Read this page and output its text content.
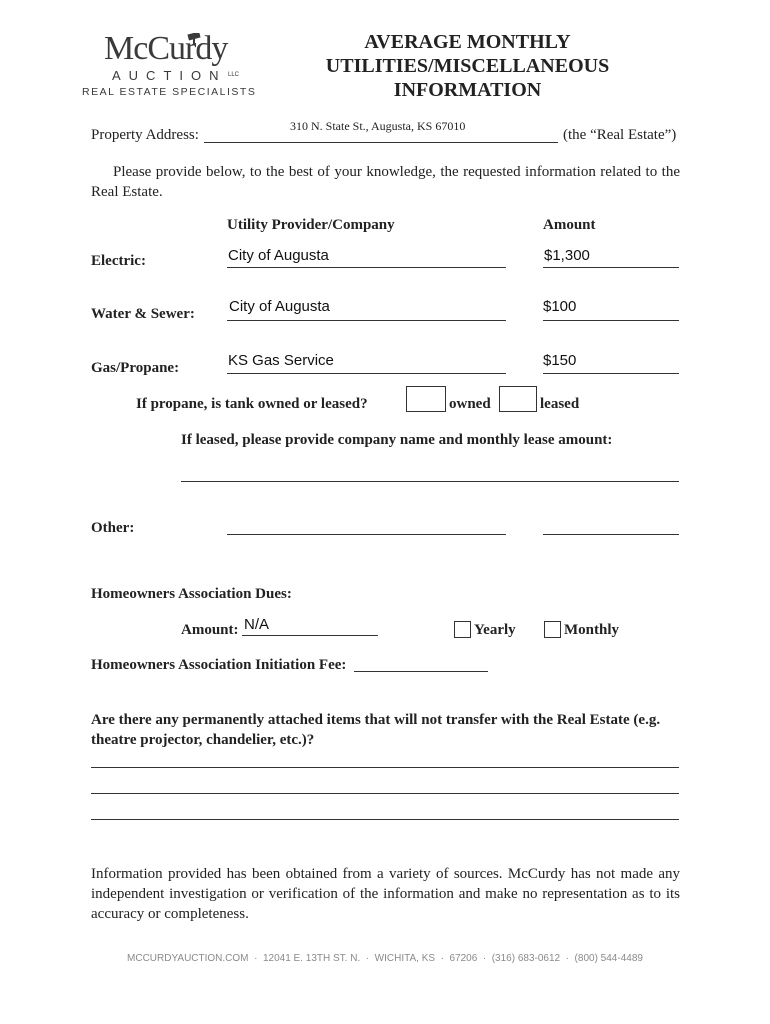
McCurdy
AUCTION LLC
REAL ESTATE SPECIALISTS
AVERAGE MONTHLY
UTILITIES/MISCELLANEOUS
INFORMATION
Property Address:
310 N. State St., Augusta, KS 67010
(the “Real Estate”)
Please provide below, to the best of your knowledge, the requested information related to the Real Estate.
Utility Provider/Company	Amount
Electric:	City of Augusta	$1,300
Water & Sewer: City of Augusta	$100
Gas/Propane:	KS Gas Service	$150
If propane, is tank owned or leased?	owned	leased
If leased, please provide company name and monthly lease amount:
Other:
Homeowners Association Dues:
Amount: N/A	Yearly	Monthly
Homeowners Association Initiation Fee:
Are there any permanently attached items that will not transfer with the Real Estate (e.g. theatre projector, chandelier, etc.)?
Information provided has been obtained from a variety of sources. McCurdy has not made any independent investigation or verification of the information and make no representation as to its accuracy or completeness.
MCCURDYAUCTION.COM  ·  12041 E. 13TH ST. N.  ·  WICHITA, KS  ·  67206  ·  (316) 683-0612  ·  (800) 544-4489
